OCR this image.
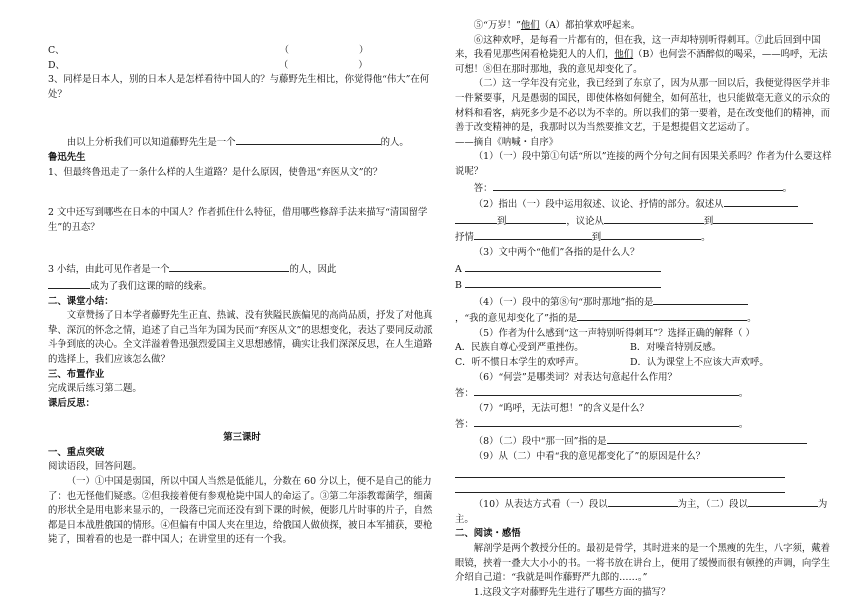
C、	（	）

D、	（	）

3、同样是日本人，别的日本人是怎样看待中国人的？与藤野先生相比，你觉得他“伟大”在何处？

由以上分析我们可以知道藤野先生是一个	的人。

鲁迅先生

1、但最终鲁迅走了一条什么样的人生道路？是什么原因，使鲁迅“弃医从文”的？

2 文中还写到哪些在日本的中国人？作者抓住什么特征，借用哪些修辞手法来描写“清国留学生”的丑态？

3 小结，由此可见作者是一个	的人，因此

成为了我们这课的暗的线索。

二、课堂小结：

文章赞扬了日本学者藤野先生正直、热诚、没有狭隘民族偏见的高尚品质，抒发了对他真挚、深沉的怀念之情，追述了自己当年为国为民而“弃医从文”的思想变化，表达了要同反动派斗争到底的决心。全文洋溢着鲁迅强烈爱国主义思想感情，确实让我们深深反思，在人生道路的选择上，我们应该怎么做？

三、布置作业

完成课后练习第二题。

课后反思：

第三课时

一、重点突破

阅读语段，回答问题。

（一）①中国是弱国，所以中国人当然是低能儿，分数在 60 分以上，便不是自己的能力了：也无怪他们疑惑。②但我接着便有参观枪毙中国人的命运了。③第二年添教霉菌学，细菌的形状全是用电影来显示的，一段落已完而还没有到下课的时候，便影几片时事的片子，自然都是日本战胜俄国的情形。④但偏有中国人夹在里边，给俄国人做侦探，被日本军捕获，要枪毙了，围着看的也是一群中国人；在讲堂里的还有一个我。

⑤“万岁！”他们（A）都拍掌欢呼起来。

⑥这种欢呼，是每看一片都有的，但在我，这一声却特别听得刺耳。⑦此后回到中国来，我看见那些闲看枪毙犯人的人们，他们（B）也何尝不酒醉似的喝采，——呜呼，无法可想！⑧但在那时那地，我的意见却变化了。

（二）这一学年没有完业，我已经到了东京了，因为从那一回以后，我便觉得医学并非一件紧要事，凡是愚弱的国民，即使体格如何健全，如何茁壮，也只能做毫无意义的示众的材料和看客，病死多少是不必以为不幸的。所以我们的第一要着，是在改变他们的精神，而善于改变精神的是，我那时以为当然要推文艺，于是想提倡文艺运动了。

——摘自《呐喊・自序》

（1）（一）段中第①句话“所以”连接的两个分句之间有因果关系吗？作者为什么要这样说呢？

答：	。

（2）指出（一）段中运用叙述、议论、抒情的部分。叙述从

到	，议论从	到

抒情	到	。

（3）文中两个“他们”各指的是什么人？

A

B

（4）（一）段中的第⑧句“那时那地”指的是

，“我的意见却变化了”指的是	。

（5）作者为什么感到“这一声特别听得刺耳”？选择正确的解释（ ）

A．民族自尊心受到严重挫伤。	B．对噪音特别反感。

C．听不惯日本学生的欢呼声。	D．认为课堂上不应该大声欢呼。

（6）“何尝”是哪类词？对表达句意起什么作用？

答：	。

（7）“呜呼，无法可想！”的含义是什么？

答：	。

（8）（二）段中“那一回”指的是

（9）从（二）中看“我的意见都变化了”的原因是什么？

（10）从表达方式看（一）段以	为主，（二）段以	为主。

二、阅读・感悟

解剖学是两个教授分任的。最初是骨学，其时进来的是一个黑瘦的先生，八字须，戴着眼镜，挟着一叠大大小小的书。一将书放在讲台上，便用了缓慢而很有顿挫的声调，向学生介绍自己道：“我就是叫作藤野严九郎的……。”

1.这段文字对藤野先生进行了哪些方面的描写？
